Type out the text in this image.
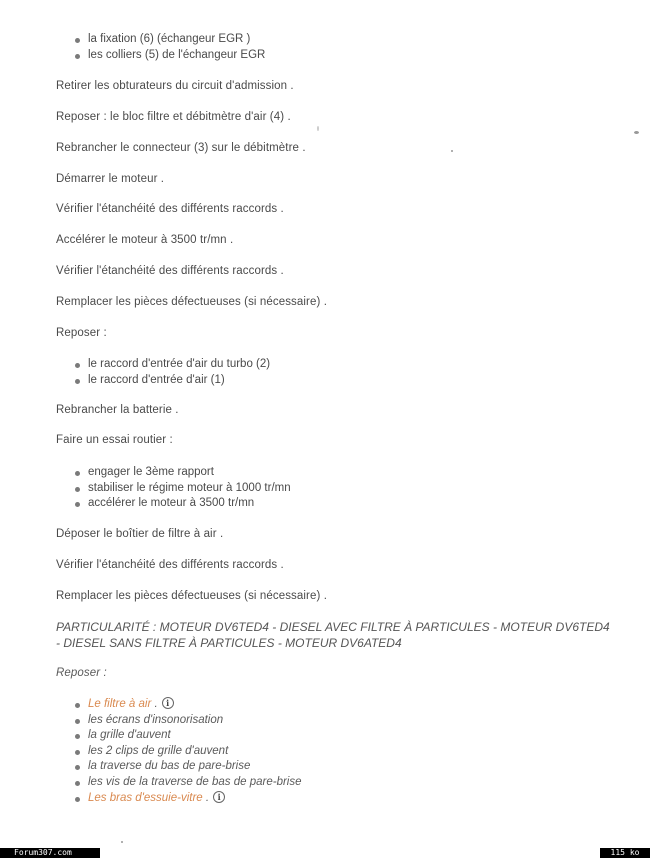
la fixation (6) (échangeur EGR )
les colliers (5) de l'échangeur EGR
Retirer les obturateurs du circuit d'admission .
Reposer : le bloc filtre et débitmètre d'air (4) .
Rebrancher le connecteur (3) sur le débitmètre .
Démarrer le moteur .
Vérifier l'étanchéité des différents raccords .
Accélérer le moteur à 3500 tr/mn .
Vérifier l'étanchéité des différents raccords .
Remplacer les pièces défectueuses (si nécessaire) .
Reposer :
le raccord d'entrée d'air du turbo (2)
le raccord d'entrée d'air (1)
Rebrancher la batterie .
Faire un essai routier :
engager le 3ème rapport
stabiliser le régime moteur à 1000 tr/mn
accélérer le moteur à 3500 tr/mn
Déposer le boîtier de filtre à air .
Vérifier l'étanchéité des différents raccords .
Remplacer les pièces défectueuses (si nécessaire) .
PARTICULARITÉ : MOTEUR DV6TED4 - DIESEL AVEC FILTRE À PARTICULES - MOTEUR DV6TED4 - DIESEL SANS FILTRE À PARTICULES - MOTEUR DV6ATED4
Reposer :
Le filtre à air . i
les écrans d'insonorisation
la grille d'auvent
les 2 clips de grille d'auvent
la traverse du bas de pare-brise
les vis de la traverse de bas de pare-brise
Les bras d'essuie-vitre . i
Forum307.com	115 ko
